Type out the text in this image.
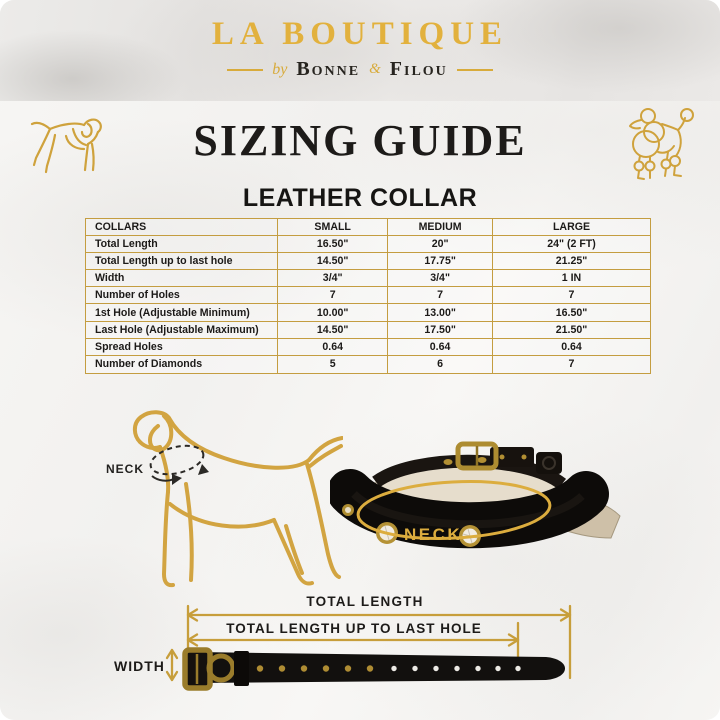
LA BOUTIQUE
by Bonne & Filou
SIZING GUIDE
LEATHER COLLAR
COLLARS	SMALL	MEDIUM	LARGE
Total Length	16.50"	20"	24" (2 FT)
Total Length up to last hole	14.50"	17.75"	21.25"
Width	3/4"	3/4"	1 IN
Number of Holes	7	7	7
1st Hole (Adjustable Minimum)	10.00"	13.00"	16.50"
Last Hole (Adjustable Maximum)	14.50"	17.50"	21.50"
Spread Holes	0.64	0.64	0.64
Number of Diamonds	5	6	7
NECK
NECK
TOTAL LENGTH
TOTAL LENGTH UP TO LAST HOLE
WIDTH
